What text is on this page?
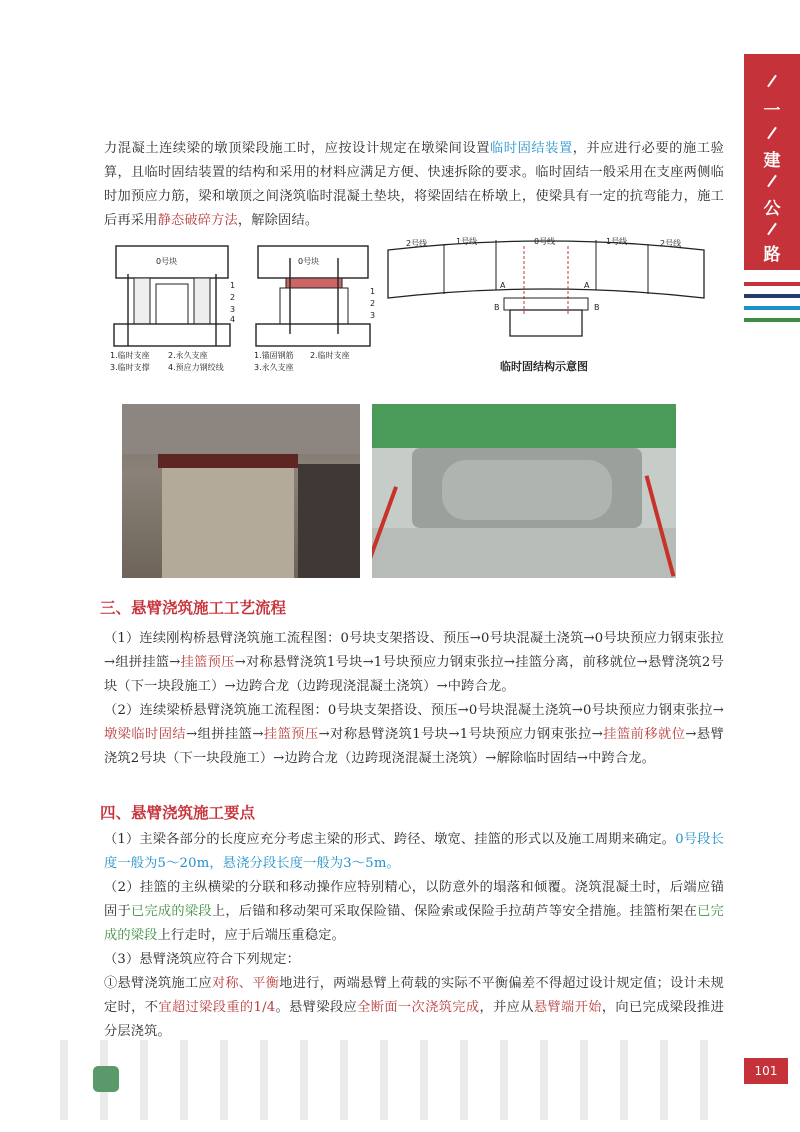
一
建
公
路
力混凝土连续梁的墩顶梁段施工时，应按设计规定在墩梁间设置临时固结装置，并应进行必要的施工验算，且临时固结装置的结构和采用的材料应满足方便、快速拆除的要求。临时固结一般采用在支座两侧临时加预应力筋，梁和墩顶之间浇筑临时混凝土垫块，将梁固结在桥墩上，使梁具有一定的抗弯能力，施工后再采用静态破碎方法，解除固结。
0号块
1
2
3
4
1.临时支座 2.永久支座
3.临时支撑 4.预应力钢绞线
0号块
1
2
3
1.锚固钢筋 2.临时支座
3.永久支座
2号线	1号线	0号线	1号线	2号线
A	A
B	B
临时固结构示意图
三、悬臂浇筑施工工艺流程
（1）连续刚构桥悬臂浇筑施工流程图：0号块支架搭设、预压→0号块混凝土浇筑→0号块预应力钢束张拉→组拼挂篮→挂篮预压→对称悬臂浇筑1号块→1号块预应力钢束张拉→挂篮分离，前移就位→悬臂浇筑2号块（下一块段施工）→边跨合龙（边跨现浇混凝土浇筑）→中跨合龙。
（2）连续梁桥悬臂浇筑施工流程图：0号块支架搭设、预压→0号块混凝土浇筑→0号块预应力钢束张拉→墩梁临时固结→组拼挂篮→挂篮预压→对称悬臂浇筑1号块→1号块预应力钢束张拉→挂篮前移就位→悬臂浇筑2号块（下一块段施工）→边跨合龙（边跨现浇混凝土浇筑）→解除临时固结→中跨合龙。
四、悬臂浇筑施工要点
（1）主梁各部分的长度应充分考虑主梁的形式、跨径、墩宽、挂篮的形式以及施工周期来确定。0号段长度一般为5～20m，悬浇分段长度一般为3～5m。
（2）挂篮的主纵横梁的分联和移动操作应特别精心，以防意外的塌落和倾覆。浇筑混凝土时，后端应锚固于已完成的梁段上，后锚和移动架可采取保险锚、保险索或保险手拉葫芦等安全措施。挂篮桁架在已完成的梁段上行走时，应于后端压重稳定。
（3）悬臂浇筑应符合下列规定：
①悬臂浇筑施工应对称、平衡地进行，两端悬臂上荷载的实际不平衡偏差不得超过设计规定值；设计未规定时，不宜超过梁段重的1/4。悬臂梁段应全断面一次浇筑完成，并应从悬臂端开始，向已完成梁段推进分层浇筑。
101
